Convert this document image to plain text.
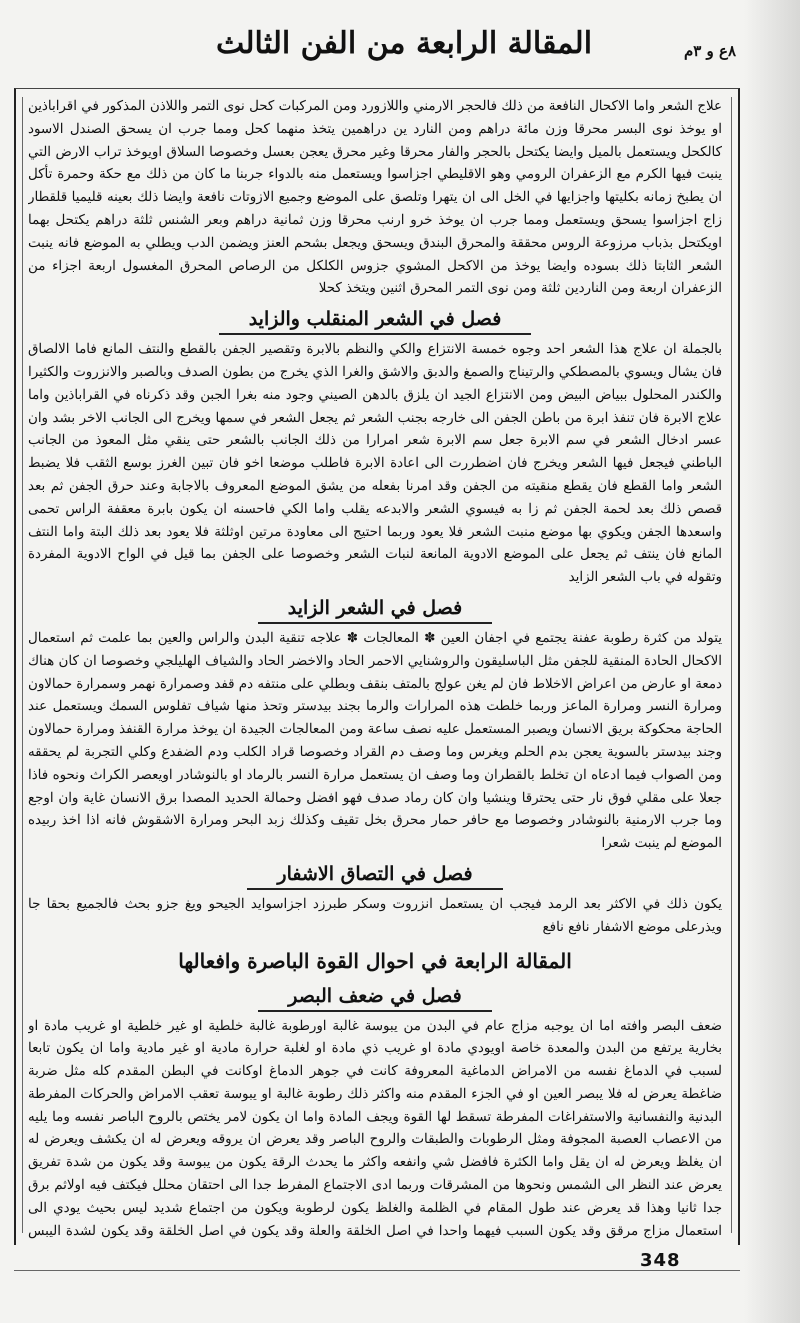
المقالة الرابعة من الفن الثالث	٨ع و ٣م

علاج الشعر واما الاكحال النافعة من ذلك فالحجر الارمني واللازورد ومن المركبات كحل نوى التمر واللاذن المذكور في اقراباذين او يوخذ نوى البسر محرقا وزن مائة دراهم ومن النارد ين دراهمين يتخذ منهما كحل ومما جرب ان يسحق الصندل الاسود كالكحل ويستعمل بالميل وايضا يكتحل بالحجر والفار محرقا وغير محرق يعجن بعسل وخصوصا السلاق اويوخذ تراب الارض التي ينبت فيها الكرم مع الزعفران الرومي وهو الاقليطي اجزاسوا ويستعمل منه بالدواء جربنا ما كان من ذلك مع حكة وحمرة تأكل ان يطبخ زمانه بكليتها واجزايها في الخل الى ان يتهرا وتلصق على الموضع وجميع الازوتات نافعة وايضا ذلك بعينه قليميا قلقطار زاج اجزاسوا يسحق ويستعمل ومما جرب ان يوخذ خرو ارنب محرقا وزن ثمانية دراهم وبعر الشنس ثلثة دراهم يكتحل بهما اويكتحل بذباب مرزوعة الروس محققة والمحرق البندق ويسحق ويجعل بشحم العنز ويضمن الدب ويطلي به الموضع فانه ينبت الشعر الثابتا ذلك بسوده وايضا يوخذ من الاكحل المشوي جزوس الكلكل من الرصاص المحرق المغسول اربعة اجزاء من الزعفران اربعة ومن الناردين ثلثة ومن نوى التمر المحرق اثنين ويتخذ كحلا

فصل في الشعر المنقلب والزايد

بالجملة ان علاج هذا الشعر احد وجوه خمسة الانتزاع والكي والنظم بالابرة وتقصير الجفن بالقطع والنتف المانع فاما الالصاق فان يشال ويسوي بالمصطكي والرتيناج والصمغ والدبق والاشق والغرا الذي يخرج من بطون الصدف وبالصبر والانزروت والكثيرا والكندر المحلول ببياض البيض ومن الانتزاع الجيد ان يلزق بالدهن الصيني وجود منه بغرا الجبن وقد ذكرناه في القراباذين واما علاج الابرة فان تنفذ ابرة من باطن الجفن الى خارجه بجنب الشعر ثم يجعل الشعر في سمها ويخرج الى الجانب الاخر بشد وان عسر ادخال الشعر في سم الابرة جعل سم الابرة شعر امرارا من ذلك الجانب بالشعر حتى ينقي مثل المعوذ من الجانب الباطني فيجعل فيها الشعر ويخرج فان اضطررت الى اعادة الابرة فاطلب موضعا اخو فان تبين الغرز بوسع الثقب فلا يضبط الشعر واما القطع فان يقطع منقيته من الجفن وقد امرنا بفعله من يشق الموضع المعروف بالاجابة وعند حرق الجفن ثم بعد قصص ذلك بعد لحمة الجفن ثم زا به فيسوي الشعر والابدعه يقلب واما الكي فاحسنه ان يكون بابرة معقفة الراس تحمى واسعدها الجفن ويكوي بها موضع منبت الشعر فلا يعود وربما احتيج الى معاودة مرتين اوثلثة فلا يعود بعد ذلك البتة واما النتف المانع فان ينتف ثم يجعل على الموضع الادوية المانعة لنبات الشعر وخصوصا على الجفن بما قيل في الواح الادوية المفردة وتقوله في باب الشعر الزايد

فصل في الشعر الزايد

يتولد من كثرة رطوبة عفنة يجتمع في اجفان العين ✽ المعالجات ✽ علاجه تنقية البدن والراس والعين بما علمت ثم استعمال الاكحال الحادة المنقية للجفن مثل الباسليقون والروشنايي الاحمر الحاد والاخضر الحاد والشياف الهليلجي وخصوصا ان كان هناك دمعة او عارض من اعراض الاخلاط فان لم يغن عولج بالمتف بنقف وبطلي على منتفه دم قفد وصمرارة نهمر وسمرارة حمالاون ومرارة النسر ومرارة الماعز وربما خلطت هذه المرارات والرما بجند بيدستر وتحذ منها شياف تفلوس السمك ويستعمل عند الحاجة محكوكة بريق الانسان ويصبر المستعمل عليه نصف ساعة ومن المعالجات الجيدة ان يوخذ مرارة القنفذ ومرارة حمالاون وجند بيدستر بالسوية يعجن بدم الحلم ويغرس وما وصف دم القراد وخصوصا قراد الكلب ودم الضفدع وكلي التجربة لم يحققه ومن الصواب فيما ادعاه ان تخلط بالقطران وما وصف ان يستعمل مرارة النسر بالرماد او بالنوشادر اويعصر الكراث ونحوه فاذا جعلا على مقلي فوق نار حتى يحترقا وينشيا وان كان رماد صدف فهو افضل وحمالة الحديد المصدا برق الانسان غاية وان اوجع وما جرب الارمنية بالنوشادر وخصوصا مع حافر حمار محرق بخل تقيف وكذلك زبد البحر ومرارة الاشقوش فانه اذا اخذ ربيده الموضع لم ينبت شعرا

فصل في التصاق الاشفار

يكون ذلك في الاكثر بعد الرمد فيجب ان يستعمل انزروت وسكر طبرزد اجزاسوايد الجيحو ويغ جزو بحث فالجميع بحقا جا ويذرعلى موضع الاشفار نافع نافع

المقالة الرابعة في احوال القوة الباصرة وافعالها
فصل في ضعف البصر

ضعف البصر وافته اما ان يوجبه مزاج عام في البدن من يبوسة غالبة اورطوبة غالبة خلطية او غير خلطية او غريب مادة او بخارية يرتفع من البدن والمعدة خاصة اويودي مادة او غريب ذي مادة او لغلبة حرارة مادية او غير مادية واما ان يكون تابعا لسبب في الدماغ نفسه من الامراض الدماغية المعروفة كانت في جوهر الدماغ اوكانت في البطن المقدم كله مثل ضربة ضاغطة يعرض له فلا يبصر العين او في الجزء المقدم منه واكثر ذلك رطوبة غالبة او يبوسة تعقب الامراض والحركات المفرطة البدنية والنفسانية والاستفراغات المفرطة تسقط لها القوة ويجف المادة واما ان يكون لامر يختص بالروح الباصر نفسه وما يليه من الاعصاب العصبة المجوفة ومثل الرطوبات والطبقات والروح الباصر وقد يعرض ان يروقه ويعرض له ان يكشف ويعرض له ان يغلظ ويعرض له ان يقل واما الكثرة فافضل شي وانفعه واكثر ما يحدث الرقة يكون من يبوسة وقد يكون من شدة تفريق يعرض عند النظر الى الشمس ونحوها من المشرقات وربما ادى الاجتماع المفرط جدا الى احتقان محلل فيكتف فيه اولاثم برق جدا ثانيا وهذا قد يعرض عند طول المقام في الظلمة والغلظ يكون لرطوبة ويكون من اجتماع شديد ليس بحيث يودي الى استعمال مزاج مرقق وقد يكون السبب فيهما واحدا في اصل الخلقة والعلة وقد يكون في اصل الخلقة وقد يكون لشدة اليبس

348
